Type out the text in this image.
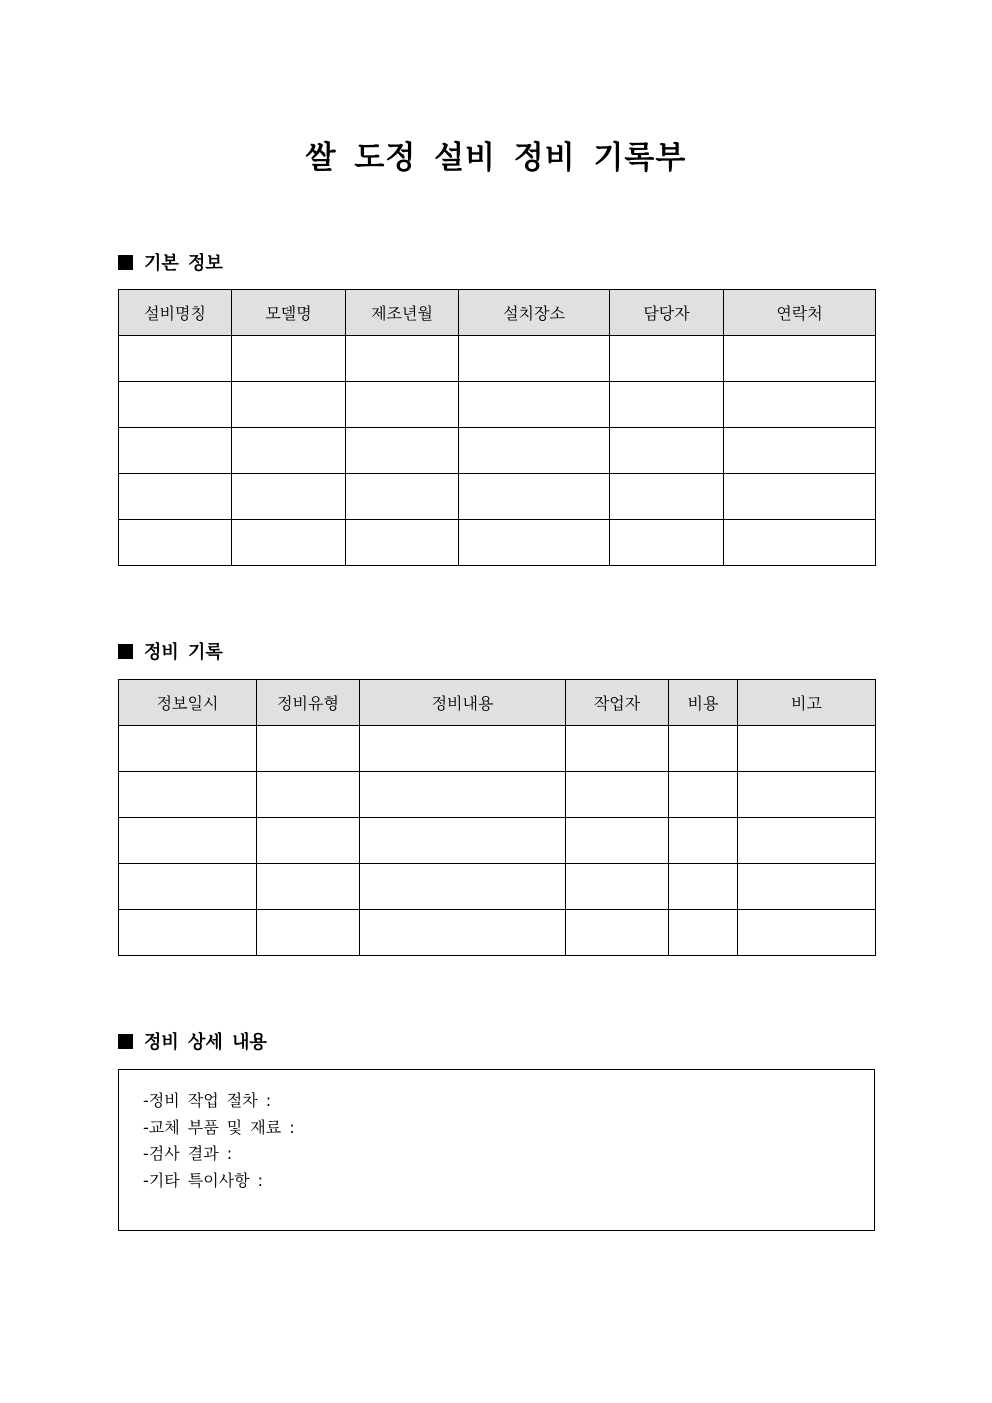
쌀 도정 설비 정비 기록부
기본 정보
설비명칭	모델명	제조년월	설치장소	담당자	연락처

정비 기록
정보일시	정비유형	정비내용	작업자	비용	비고

정비 상세 내용
-정비 작업 절차 :
-교체 부품 및 재료 :
-검사 결과 :
-기타 특이사항 :
